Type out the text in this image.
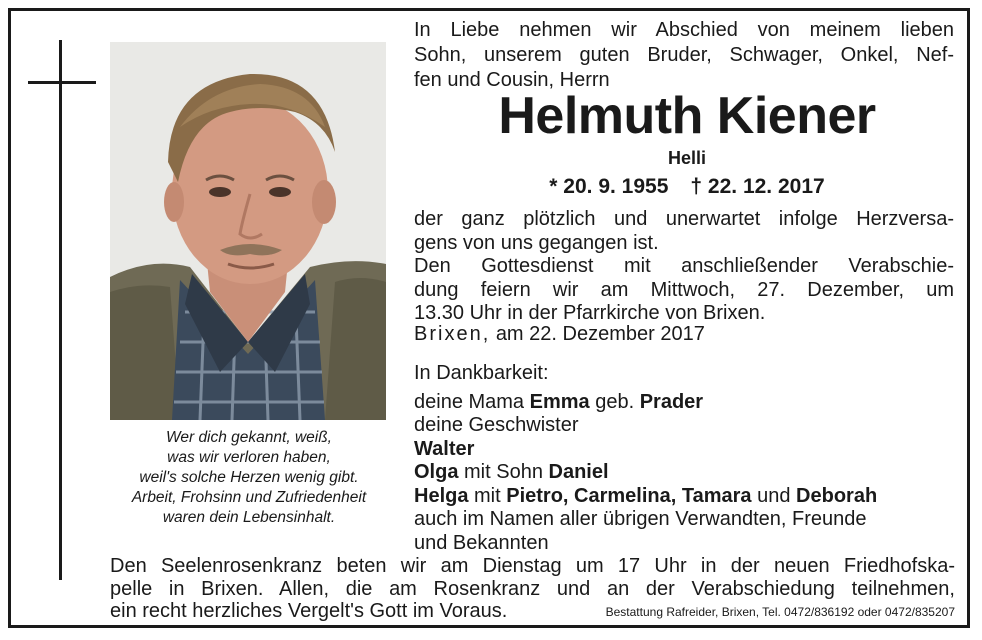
Wer dich gekannt, weiß,
was wir verloren haben,
weil's solche Herzen wenig gibt.
Arbeit, Frohsinn und Zufriedenheit
waren dein Lebensinhalt.
In Liebe nehmen wir Abschied von meinem lieben
Sohn, unserem guten Bruder, Schwager, Onkel, Nef-
fen und Cousin, Herrn
Helmuth Kiener
Helli
* 20. 9. 1955 † 22. 12. 2017
der ganz plötzlich und unerwartet infolge Herzversa-
gens von uns gegangen ist.
Den Gottesdienst mit anschließender Verabschie-
dung feiern wir am Mittwoch, 27. Dezember, um
13.30 Uhr in der Pfarrkirche von Brixen.
Brixen, am 22. Dezember 2017
In Dankbarkeit:
deine Mama Emma geb. Prader
deine Geschwister
Walter
Olga mit Sohn Daniel
Helga mit Pietro, Carmelina, Tamara und Deborah
auch im Namen aller übrigen Verwandten, Freunde
und Bekannten
Den Seelenrosenkranz beten wir am Dienstag um 17 Uhr in der neuen Friedhofska-
pelle in Brixen. Allen, die am Rosenkranz und an der Verabschiedung teilnehmen,
ein recht herzliches Vergelt's Gott im Voraus.	Bestattung Rafreider, Brixen, Tel. 0472/836192 oder 0472/835207
